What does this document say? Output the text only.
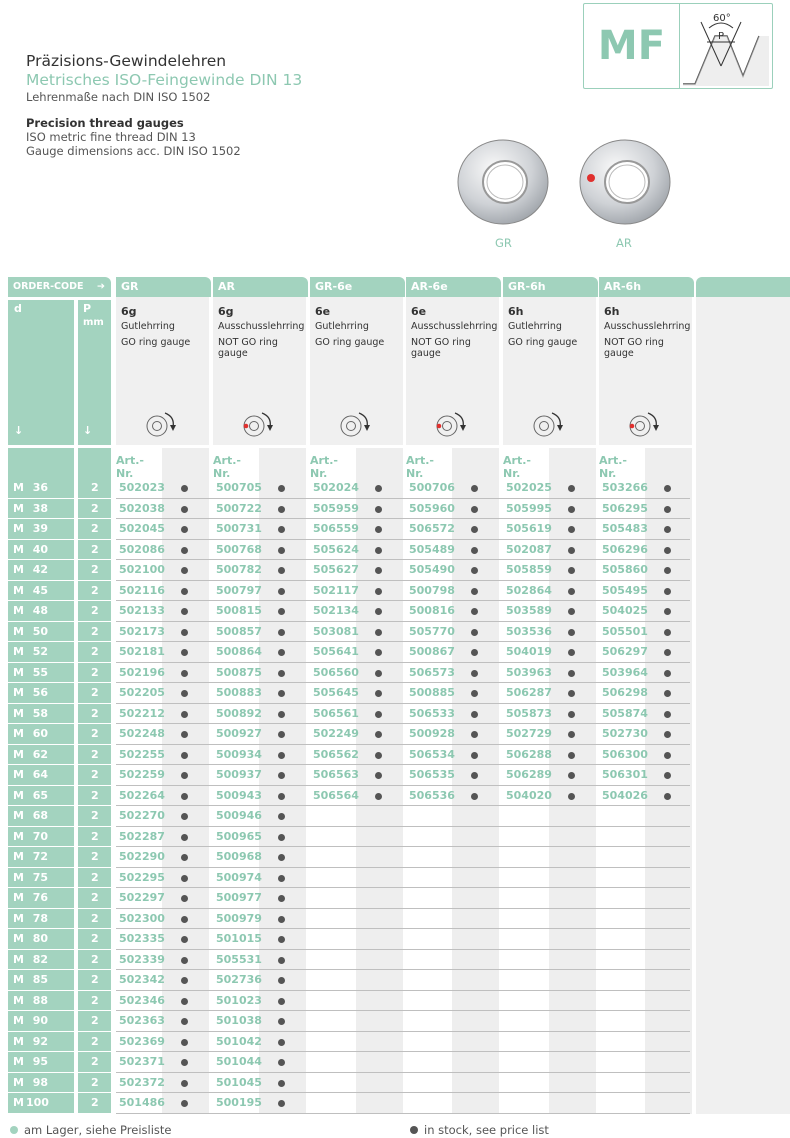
Präzisions-Gewindelehren
Metrisches ISO-Feingewinde DIN 13
Lehrenmaße nach DIN ISO 1502
Precision thread gauges
ISO metric fine thread DIN 13
Gauge dimensions acc. DIN ISO 1502
MF
60°
P
GR	AR
ORDER-CODE ➔
d	P
mm
↓	↓
GR
6g
Gutlehrring
GO ring gauge
Art.-Nr.
AR
6g
Ausschusslehrring
NOT GO ring gauge
Art.-Nr.
GR-6e
6e
Gutlehrring
GO ring gauge
Art.-Nr.
AR-6e
6e
Ausschusslehrring
NOT GO ring gauge
Art.-Nr.
GR-6h
6h
Gutlehrring
GO ring gauge
Art.-Nr.
AR-6h
6h
Ausschusslehrring
NOT GO ring gauge
Art.-Nr.
M 36	2 502023	500705	502024	500706	502025	503266
M 38	2 502038	500722	505959	505960	505995	506295
M 39	2 502045	500731	506559	506572	505619	505483
M 40	2 502086	500768	505624	505489	502087	506296
M 42	2 502100	500782	505627	505490	505859	505860
M 45	2 502116	500797	502117	500798	502864	505495
M 48	2 502133	500815	502134	500816	503589	504025
M 50	2 502173	500857	503081	505770	503536	505501
M 52	2 502181	500864	505641	500867	504019	506297
M 55	2 502196	500875	506560	506573	503963	503964
M 56	2 502205	500883	505645	500885	506287	506298
M 58	2 502212	500892	506561	506533	505873	505874
M 60	2 502248	500927	502249	500928	502729	502730
M 62	2 502255	500934	506562	506534	506288	506300
M 64	2 502259	500937	506563	506535	506289	506301
M 65	2 502264	500943	506564	506536	504020	504026
M 68	2 502270	500946
M 70	2 502287	500965
M 72	2 502290	500968
M 75	2 502295	500974
M 76	2 502297	500977
M 78	2 502300	500979
M 80	2 502335	501015
M 82	2 502339	505531
M 85	2 502342	502736
M 88	2 502346	501023
M 90	2 502363	501038
M 92	2 502369	501042
M 95	2 502371	501044
M 98	2 502372	501045
M 100	2 501486	500195
am Lager, siehe Preisliste	in stock, see price list
